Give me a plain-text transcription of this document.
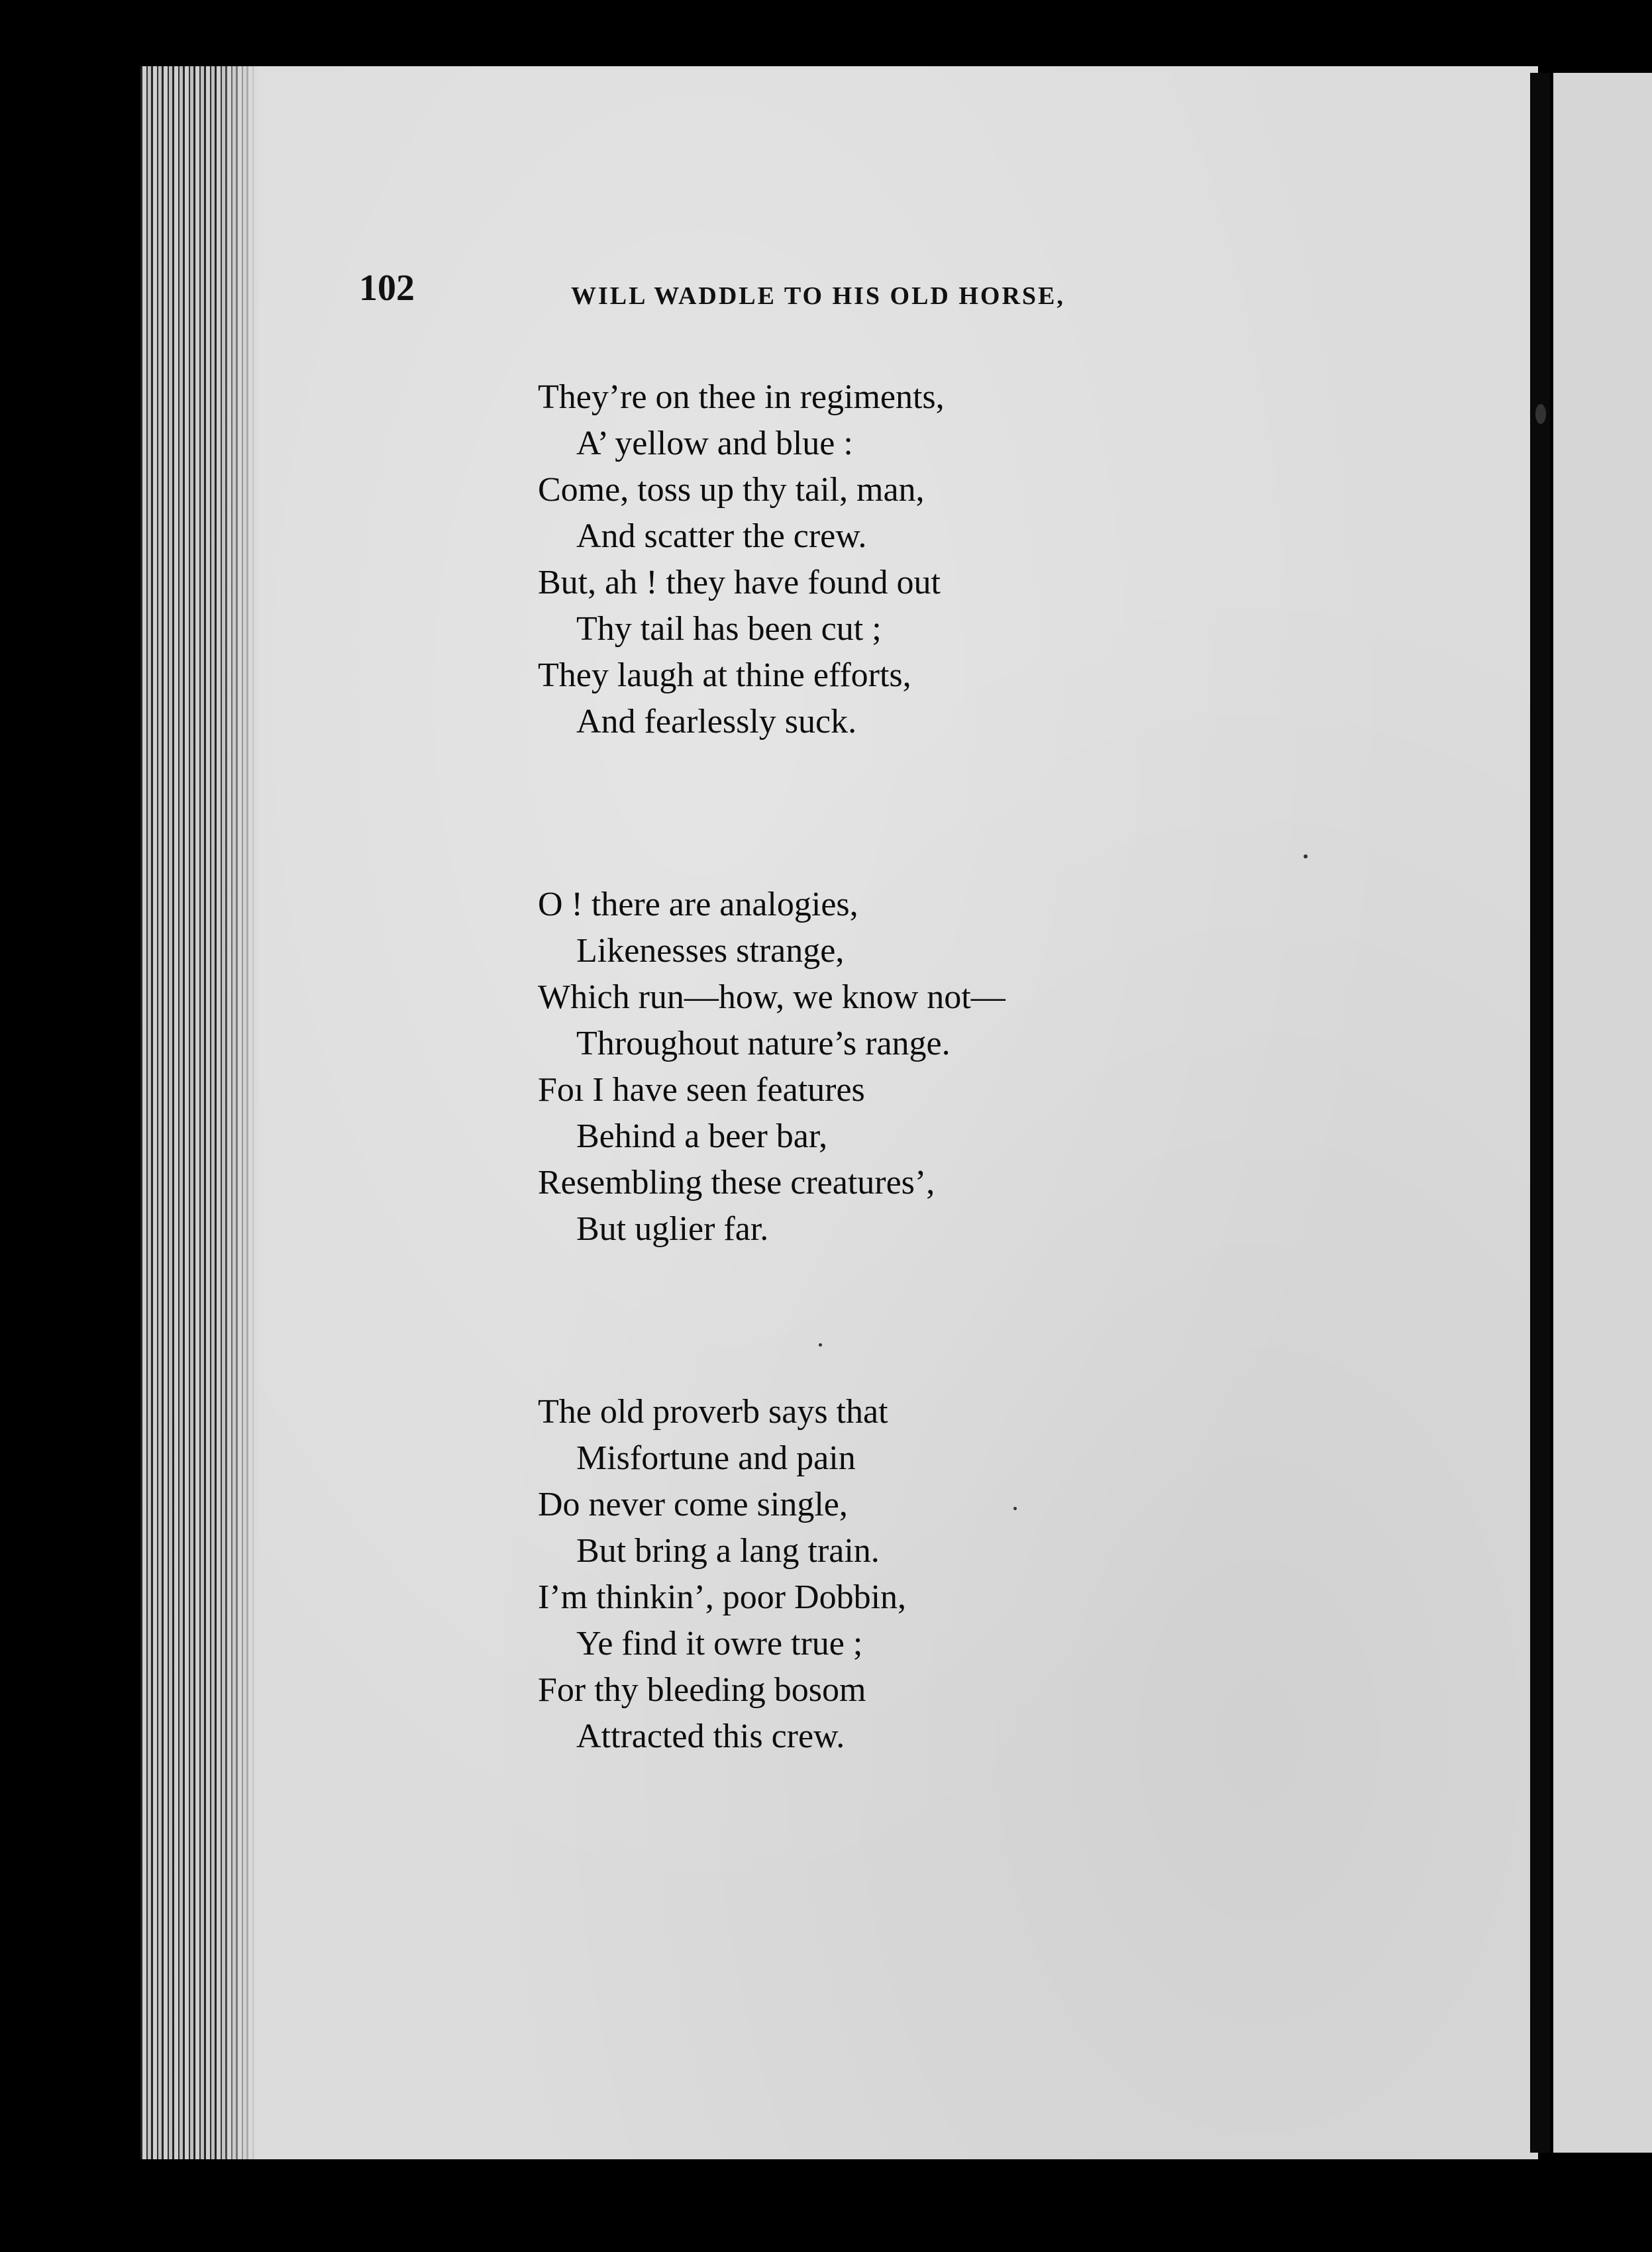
102	WILL WADDLE TO HIS OLD HORSE,
They’re on thee in regiments,
A’ yellow and blue :
Come, toss up thy tail, man,
And scatter the crew.
But, ah ! they have found out
Thy tail has been cut ;
They laugh at thine efforts,
And fearlessly suck.
O ! there are analogies,
Likenesses strange,
Which run—how, we know not—
Throughout nature’s range.
Foı I have seen features
Behind a beer bar,
Resembling these creatures’,
But uglier far.
The old proverb says that
Misfortune and pain
Do never come single,
But bring a lang train.
I’m thinkin’, poor Dobbin,
Ye find it owre true ;
For thy bleeding bosom
Attracted this crew.
